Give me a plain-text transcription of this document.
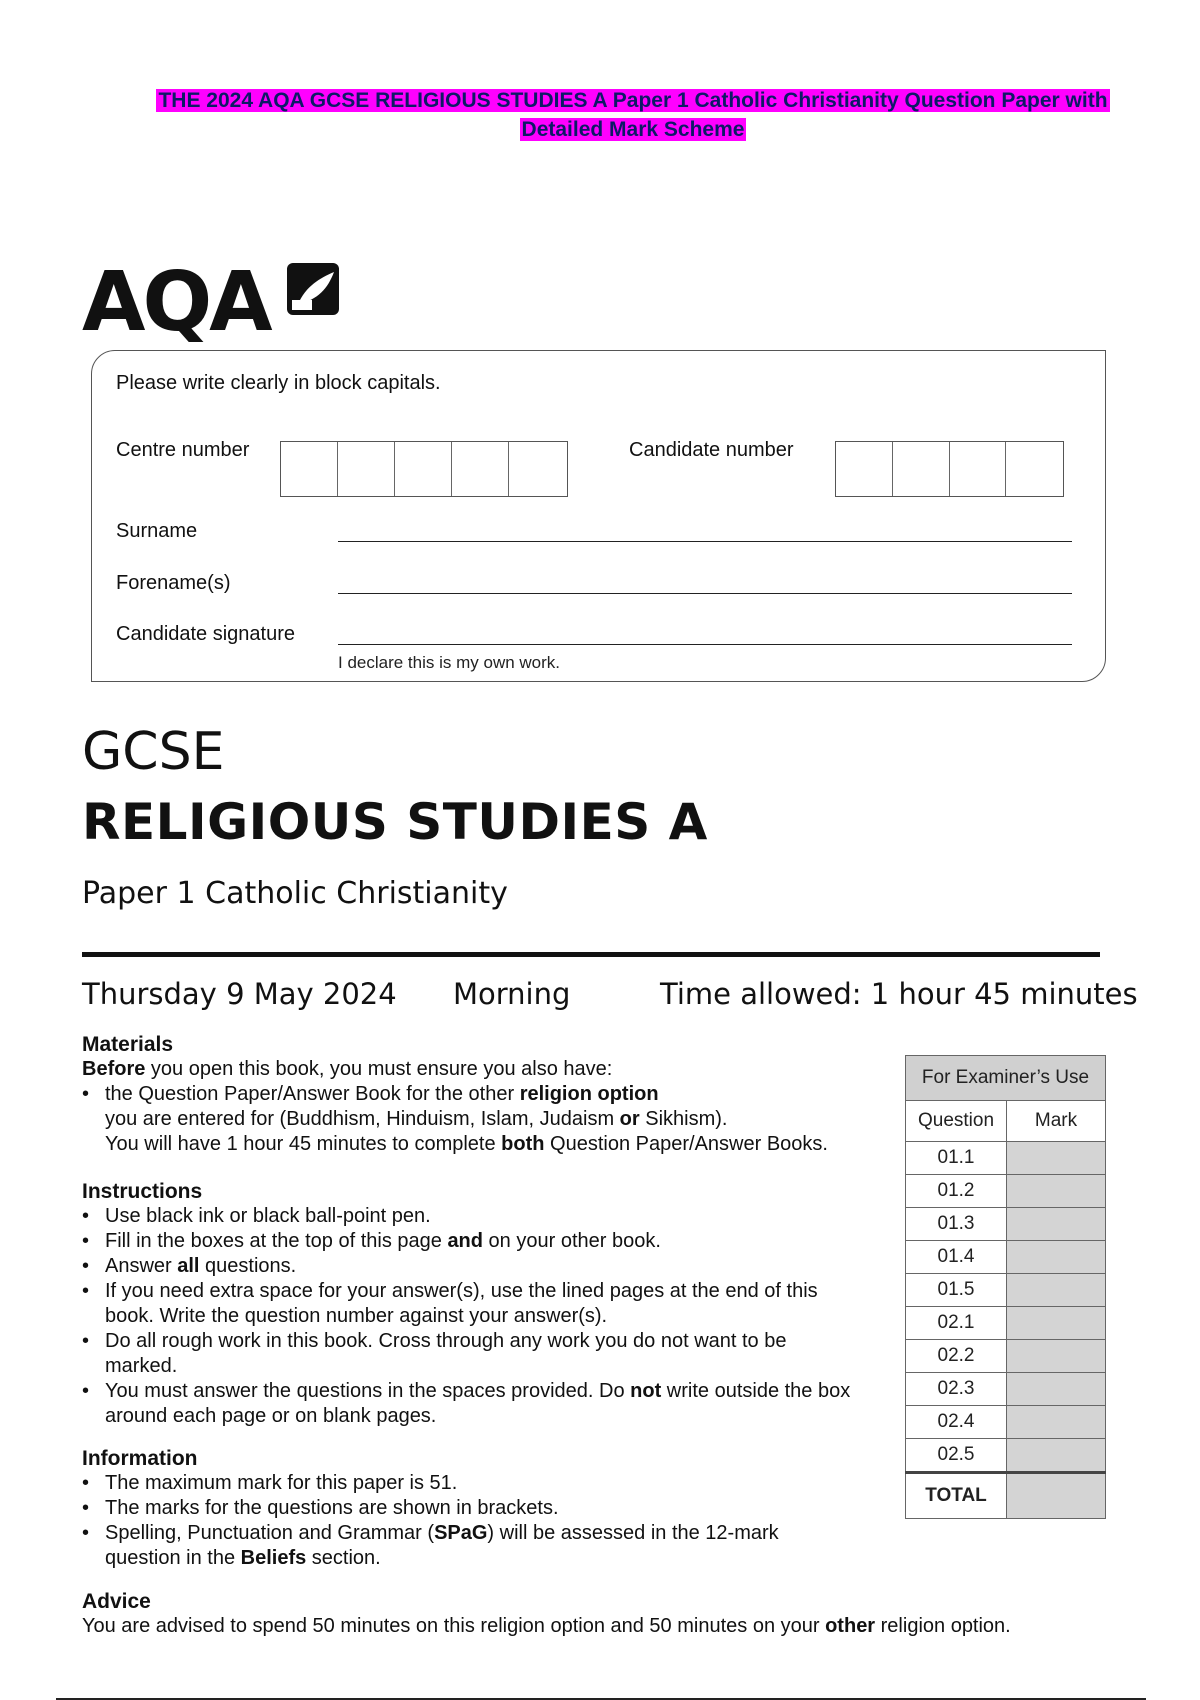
THE 2024 AQA GCSE RELIGIOUS STUDIES A Paper 1 Catholic Christianity Question Paper with
Detailed Mark Scheme
AQA
Please write clearly in block capitals.
Centre number	Candidate number
Surname
Forename(s)
Candidate signature
I declare this is my own work.
GCSE
RELIGIOUS STUDIES A
Paper 1 Catholic Christianity
Thursday 9 May 2024 Morning	Time allowed: 1 hour 45 minutes
Materials

Before you open this book, you must ensure you also have:

• the Question Paper/Answer Book for the other religion option

you are entered for (Buddhism, Hinduism, Islam, Judaism or Sikhism).

You will have 1 hour 45 minutes to complete both Question Paper/Answer Books.

Instructions
• Use black ink or black ball-point pen.
• Fill in the boxes at the top of this page and on your other book.
• Answer all questions.
• If you need extra space for your answer(s), use the lined pages at the end of this book. Write the question number against your answer(s).
• Do all rough work in this book. Cross through any work you do not want to be marked.
• You must answer the questions in the spaces provided. Do not write outside the box around each page or on blank pages.
Information
• The maximum mark for this paper is 51.
• The marks for the questions are shown in brackets.
• Spelling, Punctuation and Grammar (SPaG) will be assessed in the 12-mark question in the Beliefs section.
Advice

You are advised to spend 50 minutes on this religion option and 50 minutes on your other religion option.

For Examiner’s Use	
Question	Mark
01.1	
01.2	
01.3	
01.4	
01.5	
02.1	
02.2	
02.3	
02.4	
02.5	
TOTAL	
